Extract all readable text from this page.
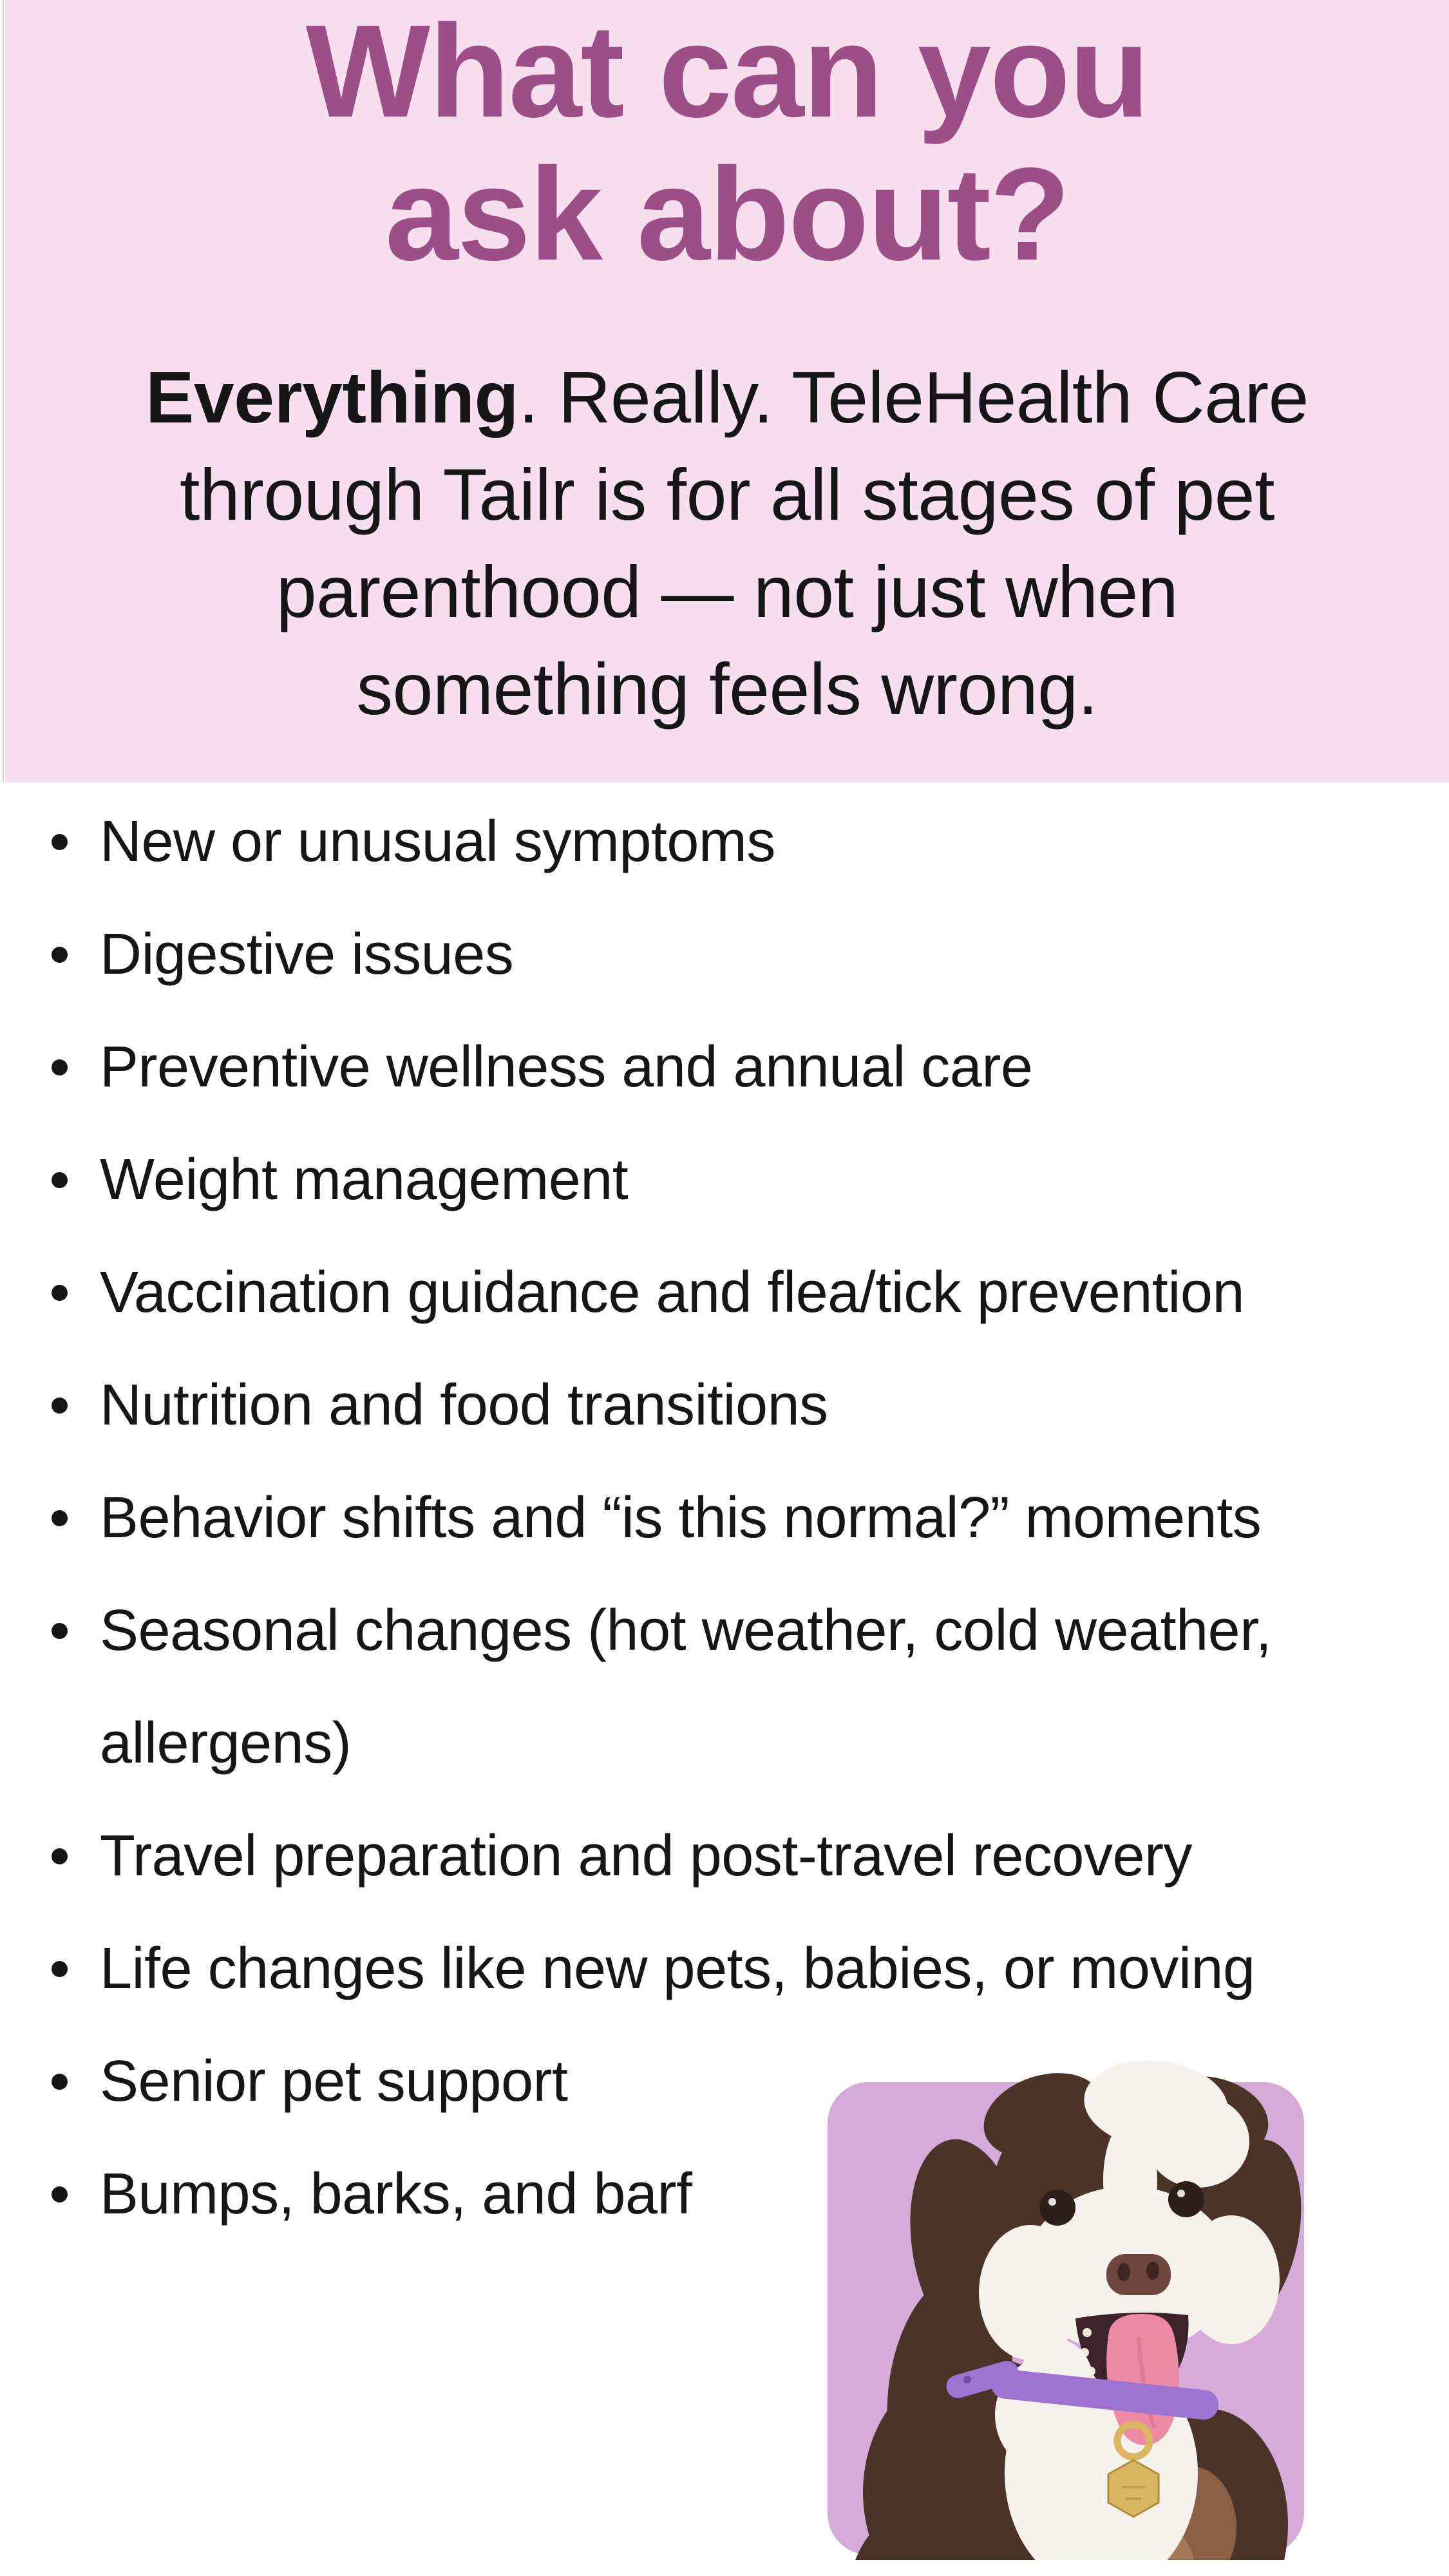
What can you
ask about?

Everything. Really. TeleHealth Care
through Tailr is for all stages of pet
parenthood — not just when
something feels wrong.

New or unusual symptoms
Digestive issues
Preventive wellness and annual care
Weight management
Vaccination guidance and flea/tick prevention
Nutrition and food transitions
Behavior shifts and “is this normal?” moments
Seasonal changes (hot weather, cold weather,
allergens)
Travel preparation and post-travel recovery
Life changes like new pets, babies, or moving
Senior pet support
Bumps, barks, and barf
